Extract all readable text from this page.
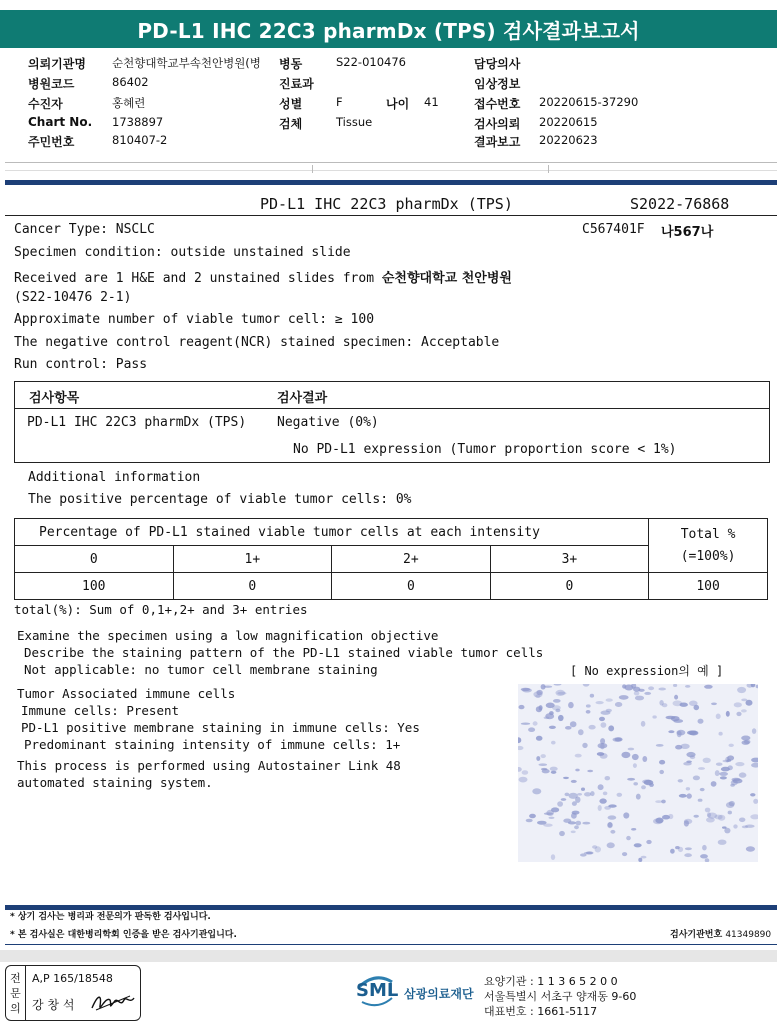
PD-L1 IHC 22C3 pharmDx (TPS) 검사결과보고서
의뢰기관명 순천향대학교부속천안병원(병	병동	S22-010476	담당의사
병원코드	86402	진료과	임상정보
수진자	홍혜련	성별	F	나이 41	접수번호 20220615-37290
Chart No. 1738897	검체	Tissue	검사의뢰 20220615
주민번호	810407-2	결과보고 20220623
PD-L1 IHC 22C3 pharmDx (TPS)	S2022-76868
Cancer Type: NSCLC	C567401F 나567나
Specimen condition: outside unstained slide
Received are 1 H&E and 2 unstained slides from 순천향대학교 천안병원
(S22-10476 2-1)
Approximate number of viable tumor cell: ≥ 100
The negative control reagent(NCR) stained specimen: Acceptable
Run control: Pass
검사항목	검사결과
PD-L1 IHC 22C3 pharmDx (TPS) Negative (0%)
No PD-L1 expression (Tumor proportion score < 1%)
Additional information
The positive percentage of viable tumor cells: 0%
Percentage of PD-L1 stained viable tumor cells at each intensity				Total %
(=100%)

0	1+	2+	3+	
100	0	0	0	100
total(%): Sum of 0,1+,2+ and 3+ entries
Examine the specimen using a low magnification objective
Describe the staining pattern of the PD-L1 stained viable tumor cells
Not applicable: no tumor cell membrane staining	[ No expression의 예 ]
Tumor Associated immune cells
Immune cells: Present
PD-L1 positive membrane staining in immune cells: Yes
Predominant staining intensity of immune cells: 1+
This process is performed using Autostainer Link 48
automated staining system.
* 상기 검사는 병리과 전문의가 판독한 검사입니다.
* 본 검사실은 대한병리학회 인증을 받은 검사기관입니다.	검사기관번호 41349890
전문의
A,P 165/18548
강 창 석
SML 삼광의료재단
요양기관 : 1 1 3 6 5 2 0 0
서울특별시 서초구 양재동 9-60
대표번호 : 1661-5117
